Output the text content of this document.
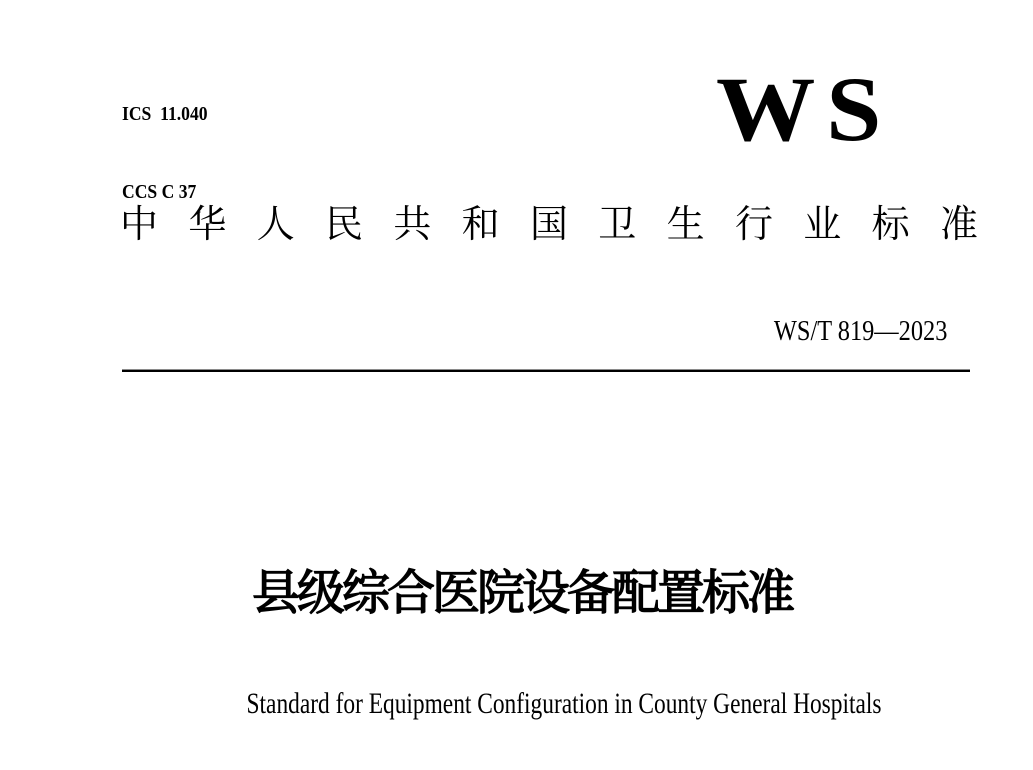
ICS  11.040

CCS C 37

WS
中 华 人 民 共 和 国 卫 生 行 业 标 准

WS/T 819—2023

县级综合医院设备配置标准

Standard for Equipment Configuration in County General Hospitals
